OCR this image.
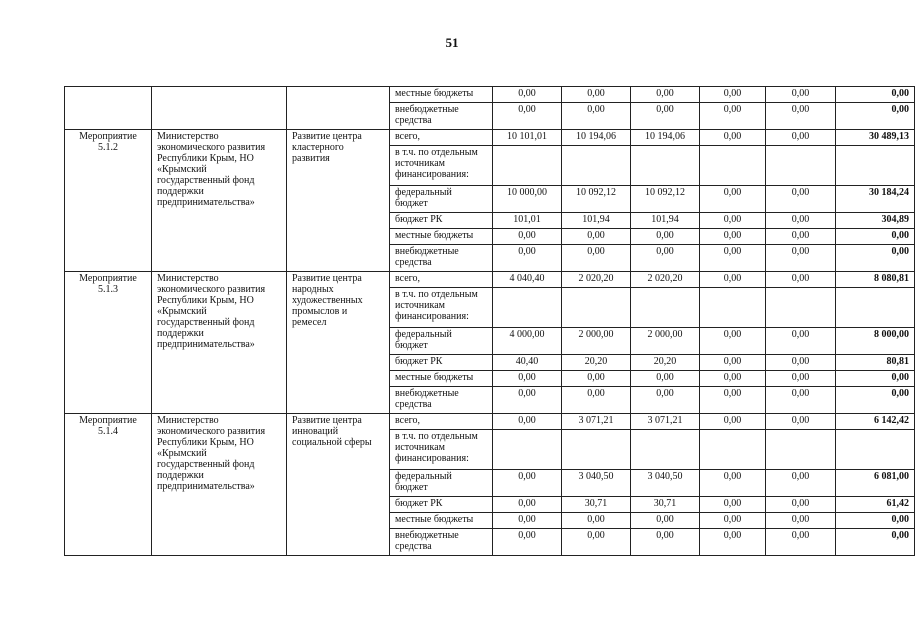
51
			местные бюджеты	0,00	0,00	0,00	0,00	0,00	0,00
			внебюджетные средства	0,00	0,00	0,00	0,00	0,00	0,00
Мероприятие 5.1.2	Министерство экономического развития Республики Крым, НО «Крымский государственный фонд поддержки предпринимательства»	Развитие центра кластерного развития	всего,	10 101,01	10 194,06	10 194,06	0,00	0,00	30 489,13
			в т.ч. по отдельным источникам финансирования:						
			федеральный бюджет	10 000,00	10 092,12	10 092,12	0,00	0,00	30 184,24
			бюджет РК	101,01	101,94	101,94	0,00	0,00	304,89
			местные бюджеты	0,00	0,00	0,00	0,00	0,00	0,00
			внебюджетные средства	0,00	0,00	0,00	0,00	0,00	0,00
Мероприятие 5.1.3	Министерство экономического развития Республики Крым, НО «Крымский государственный фонд поддержки предпринимательства»	Развитие центра народных художественных промыслов и ремесел	всего,	4 040,40	2 020,20	2 020,20	0,00	0,00	8 080,81
			в т.ч. по отдельным источникам финансирования:						
			федеральный бюджет	4 000,00	2 000,00	2 000,00	0,00	0,00	8 000,00
			бюджет РК	40,40	20,20	20,20	0,00	0,00	80,81
			местные бюджеты	0,00	0,00	0,00	0,00	0,00	0,00
			внебюджетные средства	0,00	0,00	0,00	0,00	0,00	0,00
Мероприятие 5.1.4	Министерство экономического развития Республики Крым, НО «Крымский государственный фонд поддержки предпринимательства»	Развитие центра инноваций социальной сферы	всего,	0,00	3 071,21	3 071,21	0,00	0,00	6 142,42
			в т.ч. по отдельным источникам финансирования:						
			федеральный бюджет	0,00	3 040,50	3 040,50	0,00	0,00	6 081,00
			бюджет РК	0,00	30,71	30,71	0,00	0,00	61,42
			местные бюджеты	0,00	0,00	0,00	0,00	0,00	0,00
			внебюджетные средства	0,00	0,00	0,00	0,00	0,00	0,00
